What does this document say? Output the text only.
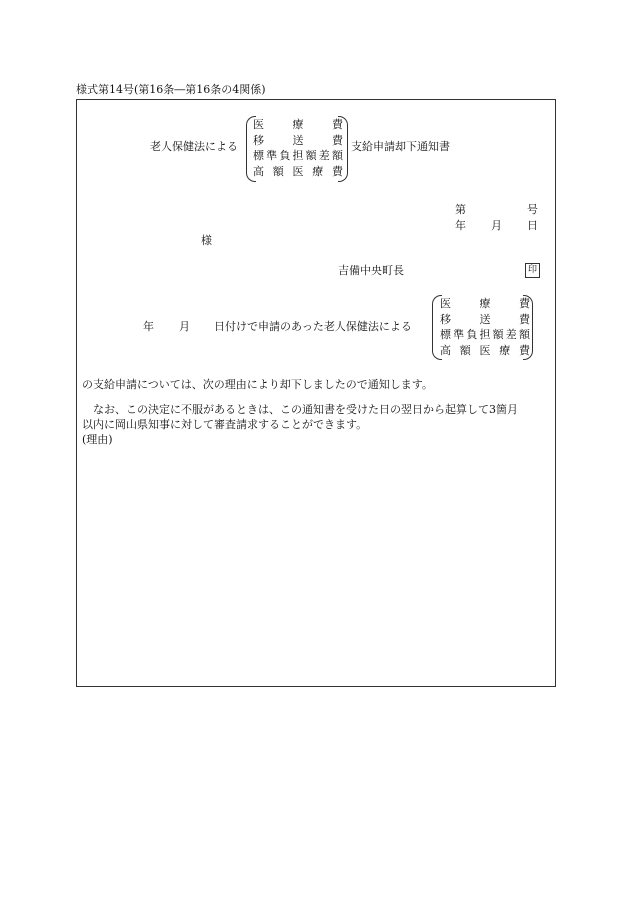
様式第14号(第16条―第16条の4関係)
老人保健法による
医	療	費
移	送	費
標 準 負 担 額 差 額
高 額 医 療 費
支給申請却下通知書
第	号
年 月 日
様
吉備中央町長	印
年 月 日付けで申請のあった老人保健法による
医	療	費
移	送	費
標 準 負 担 額 差 額
高 額 医 療 費
の支給申請については、次の理由により却下しましたので通知します。
なお、この決定に不服があるときは、この通知書を受けた日の翌日から起算して3箇月
以内に岡山県知事に対して審査請求することができます。
(理由)
